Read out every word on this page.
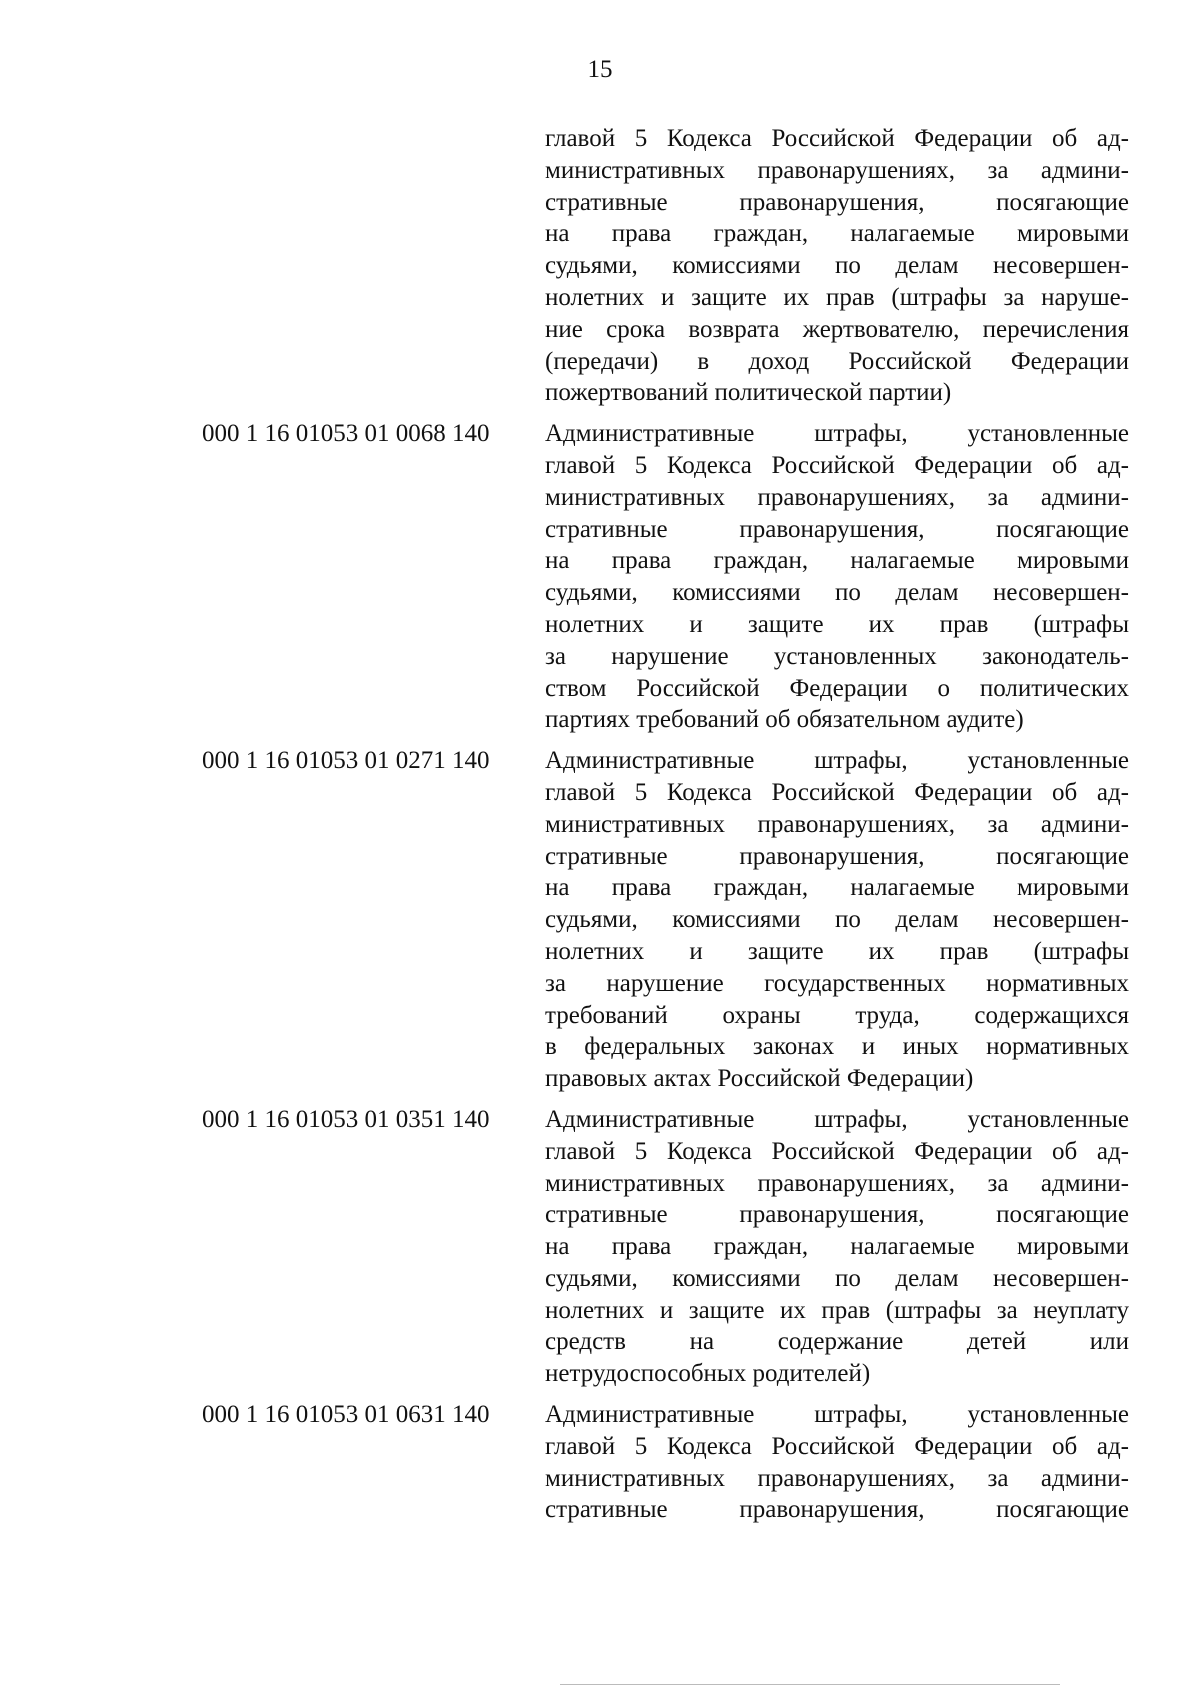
15
главой 5 Кодекса Российской Федерации об ад-
министративных правонарушениях, за админи-
стративные правонарушения, посягающие
на права граждан, налагаемые мировыми
судьями, комиссиями по делам несовершен-
нолетних и защите их прав (штрафы за наруше-
ние срока возврата жертвователю, перечисления
(передачи) в доход Российской Федерации
пожертвований политической партии)
000 1 16 01053 01 0068 140 Административные штрафы, установленные
главой 5 Кодекса Российской Федерации об ад-
министративных правонарушениях, за админи-
стративные правонарушения, посягающие
на права граждан, налагаемые мировыми
судьями, комиссиями по делам несовершен-
нолетних и защите их прав (штрафы
за нарушение установленных законодатель-
ством Российской Федерации о политических
партиях требований об обязательном аудите)
000 1 16 01053 01 0271 140 Административные штрафы, установленные
главой 5 Кодекса Российской Федерации об ад-
министративных правонарушениях, за админи-
стративные правонарушения, посягающие
на права граждан, налагаемые мировыми
судьями, комиссиями по делам несовершен-
нолетних и защите их прав (штрафы
за нарушение государственных нормативных
требований охраны труда, содержащихся
в федеральных законах и иных нормативных
правовых актах Российской Федерации)
000 1 16 01053 01 0351 140 Административные штрафы, установленные
главой 5 Кодекса Российской Федерации об ад-
министративных правонарушениях, за админи-
стративные правонарушения, посягающие
на права граждан, налагаемые мировыми
судьями, комиссиями по делам несовершен-
нолетних и защите их прав (штрафы за неуплату
средств на содержание детей или
нетрудоспособных родителей)
000 1 16 01053 01 0631 140 Административные штрафы, установленные
главой 5 Кодекса Российской Федерации об ад-
министративных правонарушениях, за админи-
стративные правонарушения, посягающие
